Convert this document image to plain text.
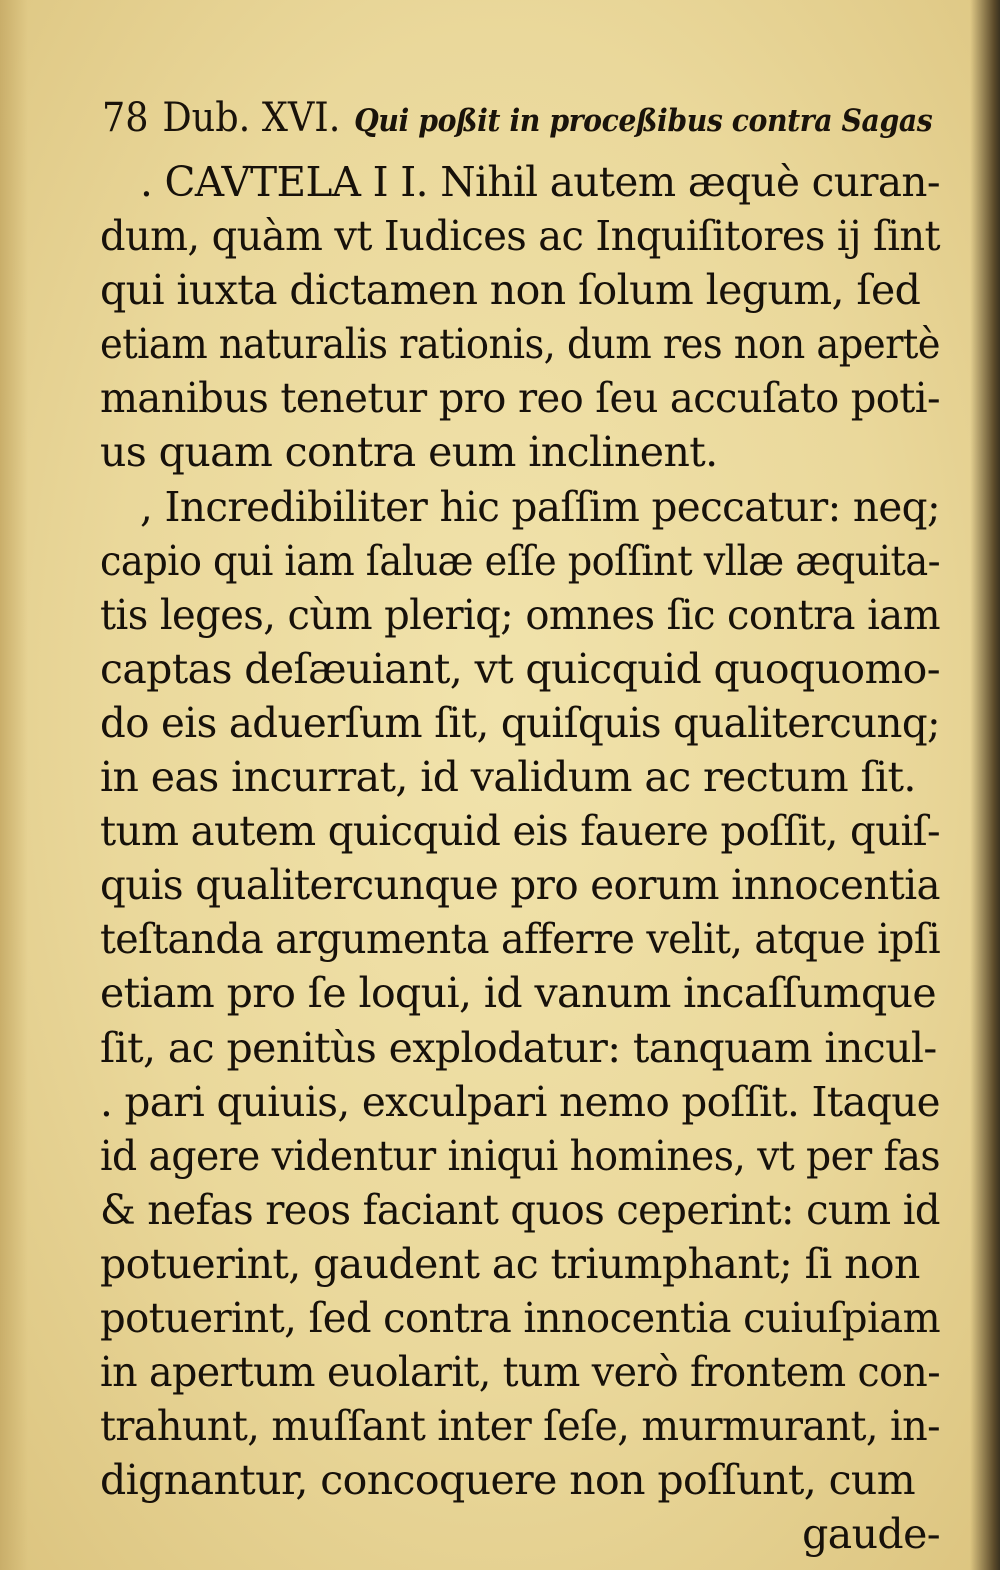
78 Dub. XVI. Qui poßit in proceßibus contra Sagas
. CAVTELA I I. Nihil autem æquè curan-
dum, quàm vt Iudices ac Inquiſitores ij ſint
qui iuxta dictamen non ſolum legum, ſed
etiam naturalis rationis, dum res non apertè
manibus tenetur pro reo ſeu accuſato poti-
us quam contra eum inclinent.
, Incredibiliter hic paſſim peccatur: neq;
capio qui iam ſaluæ eſſe poſſint vllæ æquita-
tis leges, cùm pleriq; omnes ſic contra iam
captas deſæuiant, vt quicquid quoquomo-
do eis aduerſum ſit, quiſquis qualitercunq;
in eas incurrat, id validum ac rectum ſit.
tum autem quicquid eis fauere poſſit, quiſ-
quis qualitercunque pro eorum innocentia
teſtanda argumenta afferre velit, atque ipſi
etiam pro ſe loqui, id vanum incaſſumque
ſit, ac penitùs explodatur: tanquam incul-
. pari quiuis, exculpari nemo poſſit. Itaque
id agere videntur iniqui homines, vt per fas
& nefas reos faciant quos ceperint: cum id
potuerint, gaudent ac triumphant; ſi non
potuerint, ſed contra innocentia cuiuſpiam
in apertum euolarit, tum verò frontem con-
trahunt, muſſant inter ſeſe, murmurant, in-
dignantur, concoquere non poſſunt, cum
gaude-
